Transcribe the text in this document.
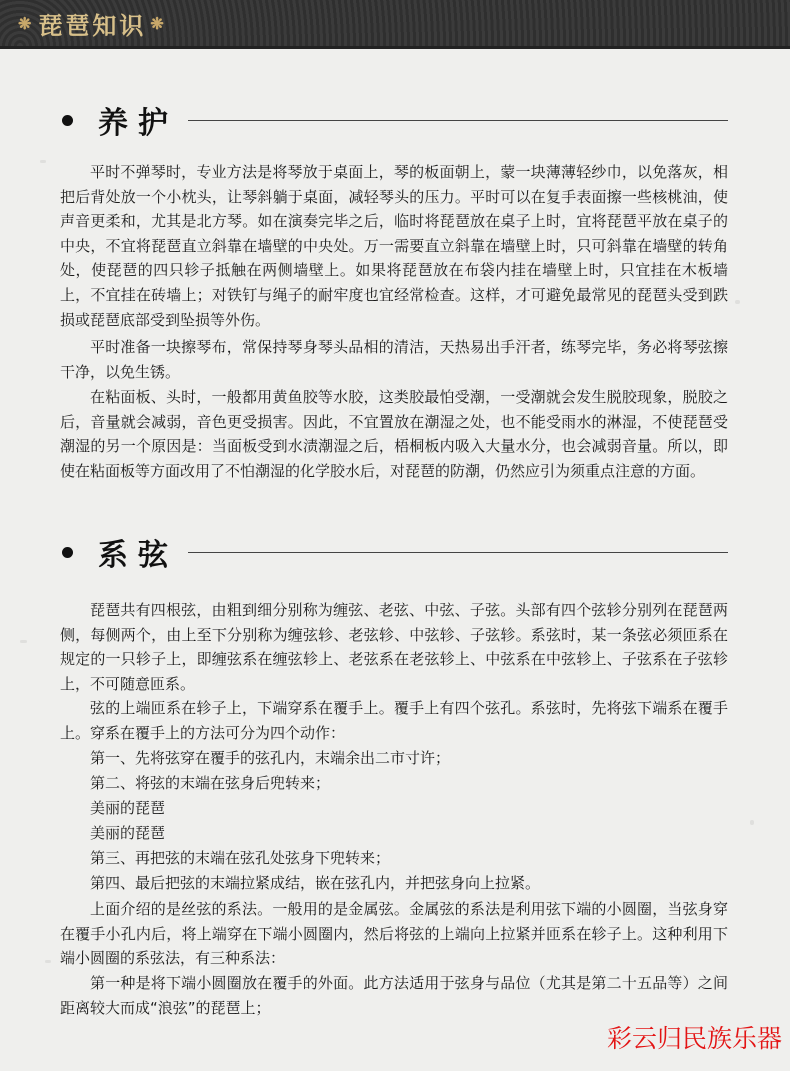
❋ 琵琶知识 ❋
养护

平时不弹琴时，专业方法是将琴放于桌面上，琴的板面朝上，蒙一块薄薄轻纱巾，以免落灰，相把后背处放一个小枕头，让琴斜躺于桌面，减轻琴头的压力。平时可以在复手表面擦一些核桃油，使声音更柔和，尤其是北方琴。如在演奏完毕之后，临时将琵琶放在桌子上时，宜将琵琶平放在桌子的中央，不宜将琵琶直立斜靠在墙壁的中央处。万一需要直立斜靠在墙壁上时，只可斜靠在墙壁的转角处，使琵琶的四只轸子抵触在两侧墙壁上。如果将琵琶放在布袋内挂在墙壁上时，只宜挂在木板墙上，不宜挂在砖墙上；对铁钉与绳子的耐牢度也宜经常检查。这样，才可避免最常见的琵琶头受到跌损或琵琶底部受到坠损等外伤。

平时准备一块擦琴布，常保持琴身琴头品相的清洁，天热易出手汗者，练琴完毕，务必将琴弦擦干净，以免生锈。

在粘面板、头时，一般都用黄鱼胶等水胶，这类胶最怕受潮，一受潮就会发生脱胶现象，脱胶之后，音量就会减弱，音色更受损害。因此，不宜置放在潮湿之处，也不能受雨水的淋湿，不使琵琶受潮湿的另一个原因是：当面板受到水渍潮湿之后，梧桐板内吸入大量水分，也会减弱音量。所以，即使在粘面板等方面改用了不怕潮湿的化学胶水后，对琵琶的防潮，仍然应引为须重点注意的方面。

系弦

琵琶共有四根弦，由粗到细分别称为缠弦、老弦、中弦、子弦。头部有四个弦轸分别列在琵琶两侧，每侧两个，由上至下分别称为缠弦轸、老弦轸、中弦轸、子弦轸。系弦时，某一条弦必须匝系在规定的一只轸子上，即缠弦系在缠弦轸上、老弦系在老弦轸上、中弦系在中弦轸上、子弦系在子弦轸上，不可随意匝系。

弦的上端匝系在轸子上，下端穿系在覆手上。覆手上有四个弦孔。系弦时，先将弦下端系在覆手上。穿系在覆手上的方法可分为四个动作：

第一、先将弦穿在覆手的弦孔内，末端余出二市寸许；

第二、将弦的末端在弦身后兜转来；

美丽的琵琶

美丽的琵琶

第三、再把弦的末端在弦孔处弦身下兜转来；

第四、最后把弦的末端拉紧成结，嵌在弦孔内，并把弦身向上拉紧。

上面介绍的是丝弦的系法。一般用的是金属弦。金属弦的系法是利用弦下端的小圆圈，当弦身穿在覆手小孔内后，将上端穿在下端小圆圈内，然后将弦的上端向上拉紧并匝系在轸子上。这种利用下端小圆圈的系弦法，有三种系法：

第一种是将下端小圆圈放在覆手的外面。此方法适用于弦身与品位（尤其是第二十五品等）之间距离较大而成“浪弦”的琵琶上；

彩云归民族乐器
